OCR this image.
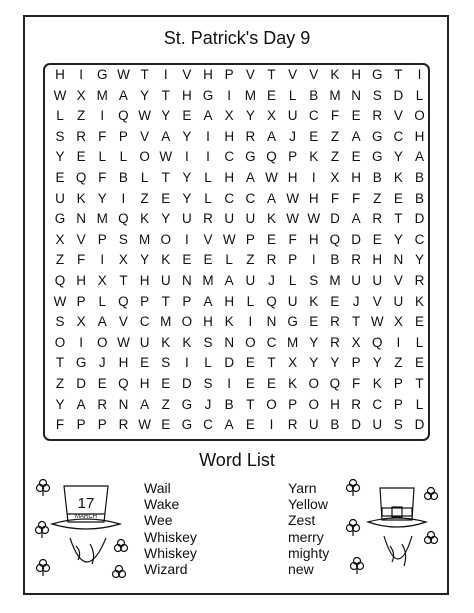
St. Patrick's Day 9
H	I	G W T	I	V H P V T V V K H G T	I
W X M A Y T H G	I	M E L B M N S D L
L Z	I	Q W Y E A X Y X U C F E R V O
S R F P V A Y	I	H R A J E Z A G C H
Y E L	L O W I	I	C G Q P K Z E G Y A
E Q F B L T Y L H A W H	I	X H B K B
U K Y	I	Z E Y L C C A W H F F Z E B
G N M Q K Y U R U U K W W D A R T D
X V P S M O	I	V W P E F H Q D E Y C
Z F	I	X Y K E E L Z R P	I	B R H N Y
Q H X T H U N M A U J	L S M U U V R
W P L Q P T P A H L Q U K E J V U K
S X A V C M O H K	I	N G E R T W X E
O	I	O W U K K S N O C M Y R X Q	I	L
T G J H E S	I	L D E T X Y Y P Y Z E
Z D E Q H E D S	I	E E K O Q F K P T
Y A R N A Z G J B T O P O H R C P L
F P P R W E G C A E	I	R U B D U S D
Word List
Wail
Wake
Wee
Whiskey
Whiskey
Wizard
Yarn
Yellow
Zest
merry
mighty
new
17
MARCH
